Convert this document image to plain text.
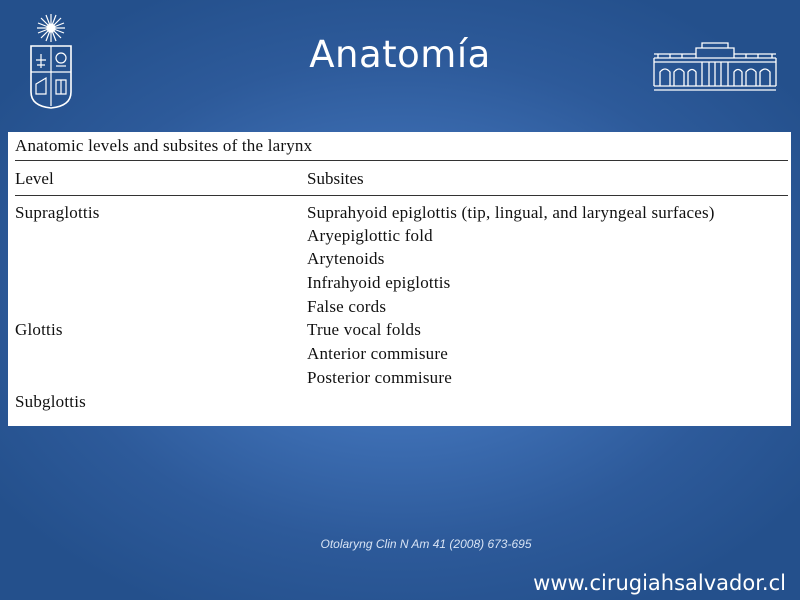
Anatomía
Anatomic levels and subsites of the larynx
Level	Subsites
Supraglottis
Glottis
Subglottis
Suprahyoid epiglottis (tip, lingual, and laryngeal surfaces)
Aryepiglottic fold
Arytenoids
Infrahyoid epiglottis
False cords
True vocal folds
Anterior commisure
Posterior commisure
Otolaryng Clin N Am 41 (2008) 673-695
www.cirugiahsalvador.cl
